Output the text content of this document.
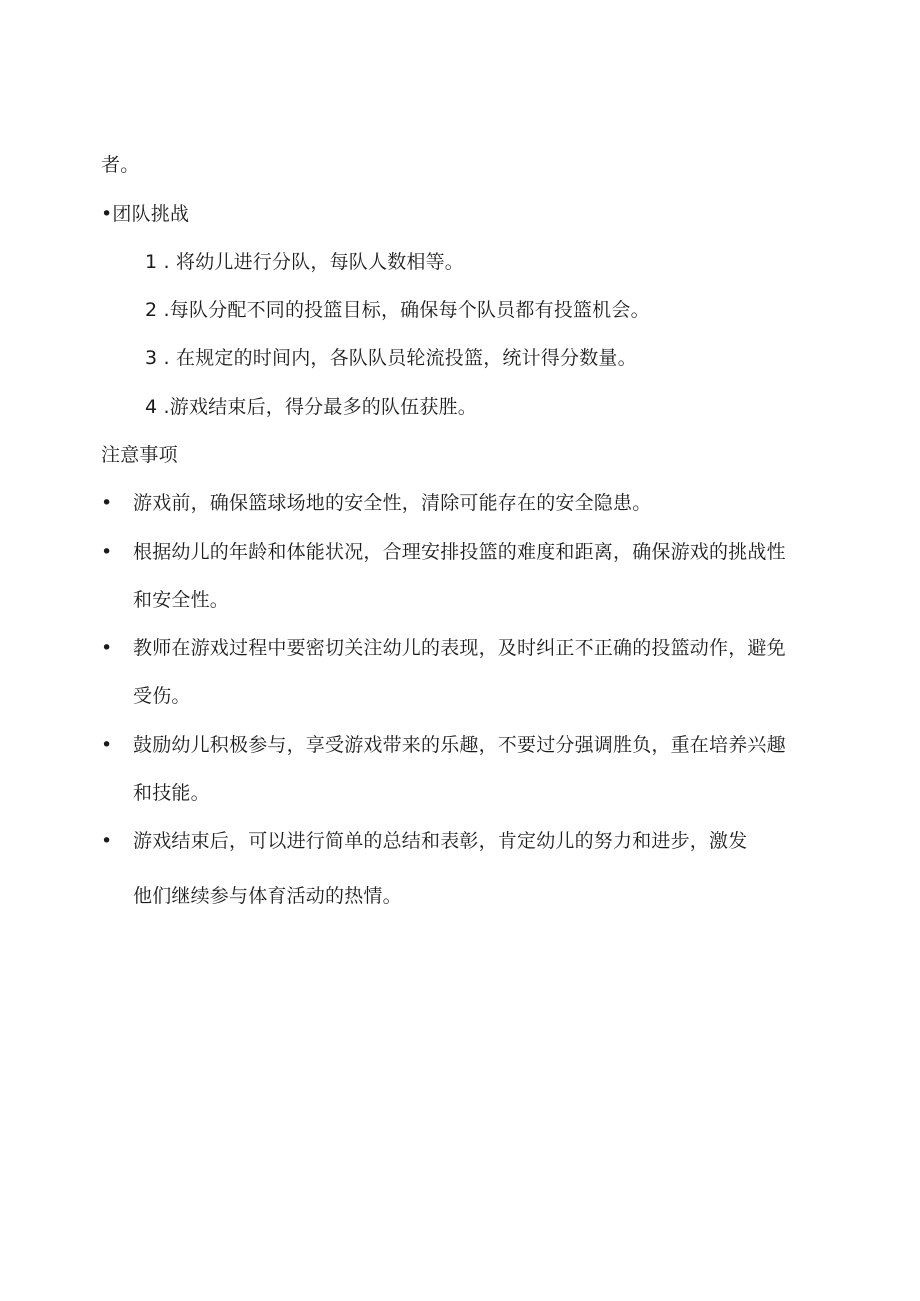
者。
•团队挑战
1 . 将幼儿进行分队，每队人数相等。
2 .每队分配不同的投篮目标，确保每个队员都有投篮机会。
3 . 在规定的时间内，各队队员轮流投篮，统计得分数量。
4 .游戏结束后，得分最多的队伍获胜。
注意事项
• 游戏前，确保篮球场地的安全性，清除可能存在的安全隐患。
• 根据幼儿的年龄和体能状况，合理安排投篮的难度和距离，确保游戏的挑战性
和安全性。
• 教师在游戏过程中要密切关注幼儿的表现，及时纠正不正确的投篮动作，避免
受伤。
• 鼓励幼儿积极参与，享受游戏带来的乐趣，不要过分强调胜负，重在培养兴趣
和技能。
• 游戏结束后，可以进行简单的总结和表彰，肯定幼儿的努力和进步，激发
他们继续参与体育活动的热情。
